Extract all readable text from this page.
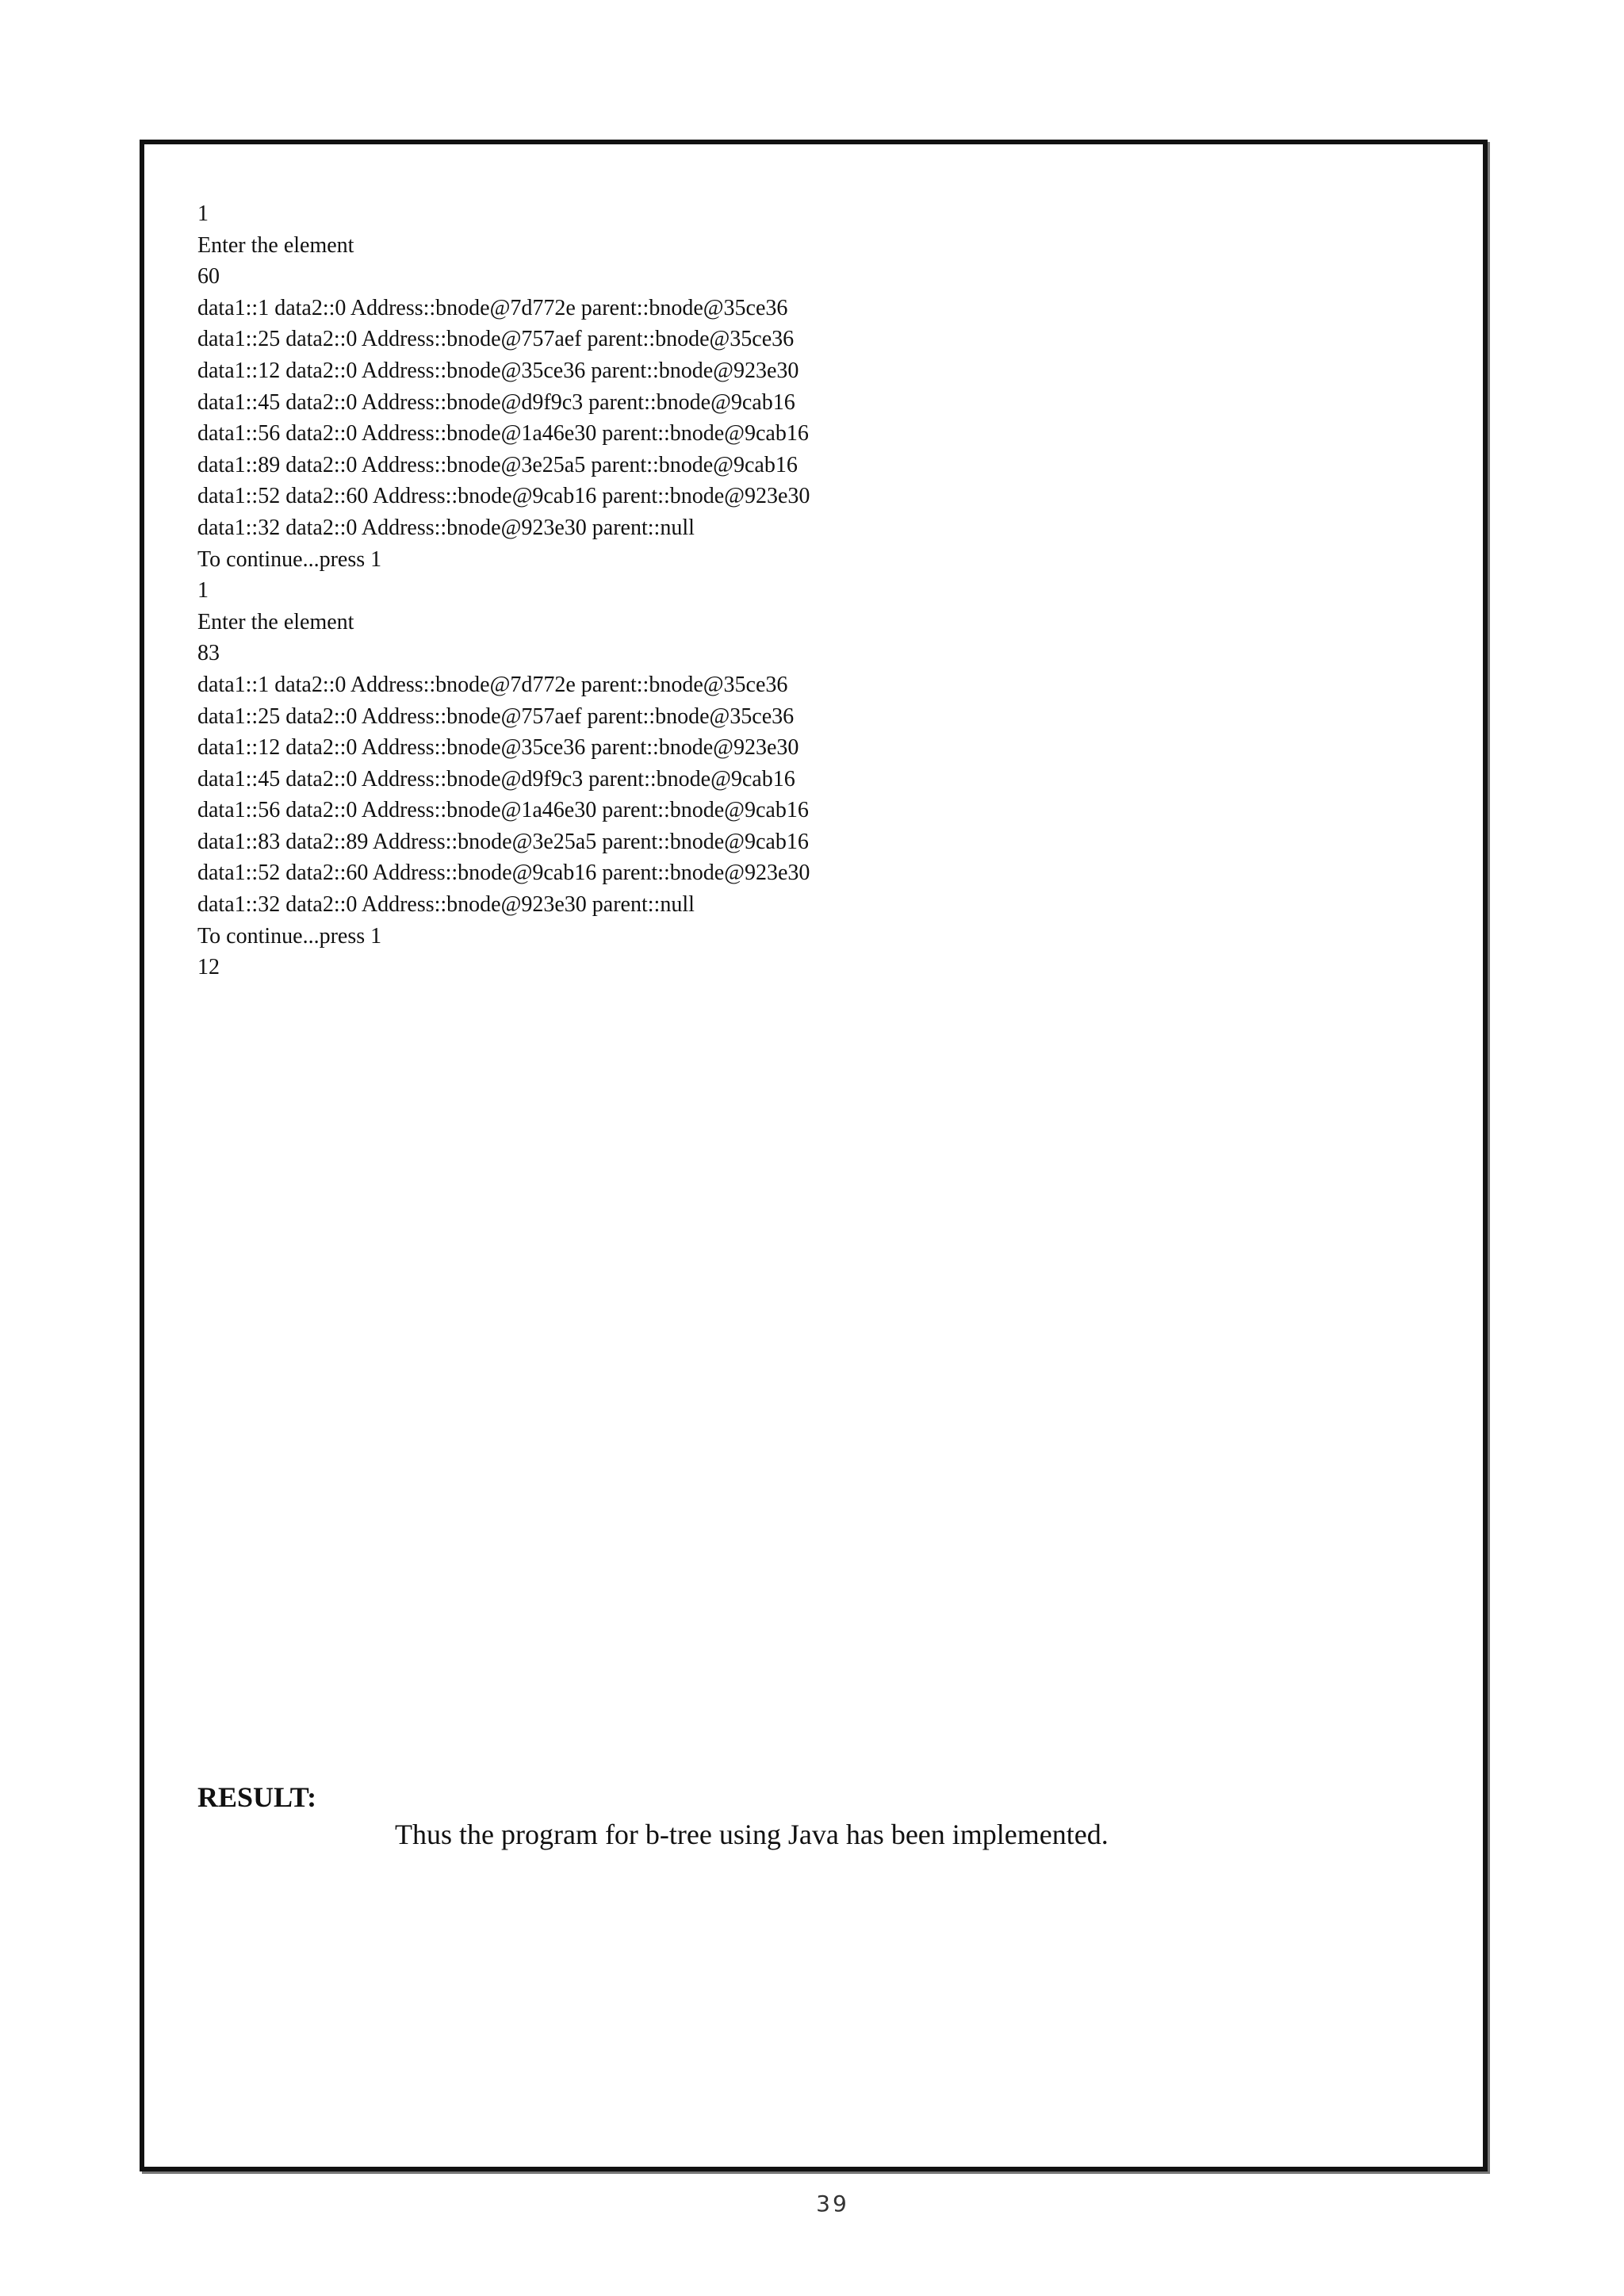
1
Enter the element
60
data1::1 data2::0 Address::bnode@7d772e parent::bnode@35ce36
data1::25 data2::0 Address::bnode@757aef parent::bnode@35ce36
data1::12 data2::0 Address::bnode@35ce36 parent::bnode@923e30
data1::45 data2::0 Address::bnode@d9f9c3 parent::bnode@9cab16
data1::56 data2::0 Address::bnode@1a46e30 parent::bnode@9cab16
data1::89 data2::0 Address::bnode@3e25a5 parent::bnode@9cab16
data1::52 data2::60 Address::bnode@9cab16 parent::bnode@923e30
data1::32 data2::0 Address::bnode@923e30 parent::null
To continue...press 1
1
Enter the element
83
data1::1 data2::0 Address::bnode@7d772e parent::bnode@35ce36
data1::25 data2::0 Address::bnode@757aef parent::bnode@35ce36
data1::12 data2::0 Address::bnode@35ce36 parent::bnode@923e30
data1::45 data2::0 Address::bnode@d9f9c3 parent::bnode@9cab16
data1::56 data2::0 Address::bnode@1a46e30 parent::bnode@9cab16
data1::83 data2::89 Address::bnode@3e25a5 parent::bnode@9cab16
data1::52 data2::60 Address::bnode@9cab16 parent::bnode@923e30
data1::32 data2::0 Address::bnode@923e30 parent::null
To continue...press 1
12
RESULT:
Thus the program for b-tree using Java has been implemented.
39
